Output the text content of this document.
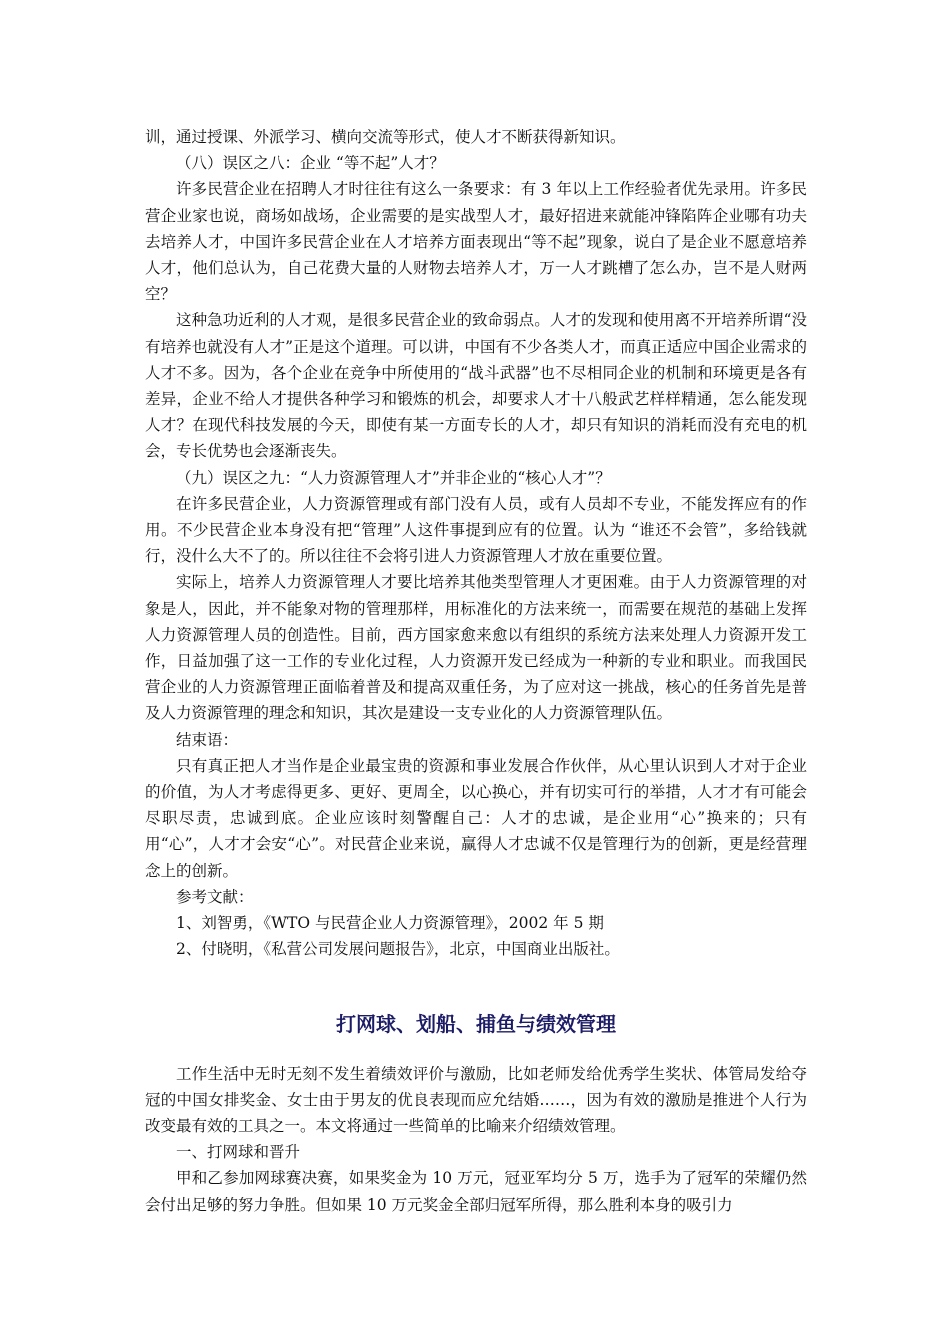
训，通过授课、外派学习、横向交流等形式，使人才不断获得新知识。

（八）误区之八：企业 “等不起”人才？

许多民营企业在招聘人才时往往有这么一条要求：有 3 年以上工作经验者优先录用。许多民营企业家也说，商场如战场，企业需要的是实战型人才，最好招进来就能冲锋陷阵企业哪有功夫去培养人才，中国许多民营企业在人才培养方面表现出“等不起”现象，说白了是企业不愿意培养人才，他们总认为，自己花费大量的人财物去培养人才，万一人才跳槽了怎么办，岂不是人财两空？

这种急功近利的人才观，是很多民营企业的致命弱点。人才的发现和使用离不开培养所谓“没有培养也就没有人才”正是这个道理。可以讲，中国有不少各类人才，而真正适应中国企业需求的人才不多。因为，各个企业在竞争中所使用的“战斗武器”也不尽相同企业的机制和环境更是各有差异，企业不给人才提供各种学习和锻炼的机会，却要求人才十八般武艺样样精通，怎么能发现人才？在现代科技发展的今天，即使有某一方面专长的人才，却只有知识的消耗而没有充电的机会，专长优势也会逐渐丧失。

（九）误区之九：“人力资源管理人才”并非企业的“核心人才”？

在许多民营企业，人力资源管理或有部门没有人员，或有人员却不专业，不能发挥应有的作用。不少民营企业本身没有把“管理”人这件事提到应有的位置。认为 “谁还不会管”，多给钱就行，没什么大不了的。所以往往不会将引进人力资源管理人才放在重要位置。

实际上，培养人力资源管理人才要比培养其他类型管理人才更困难。由于人力资源管理的对象是人，因此，并不能象对物的管理那样，用标准化的方法来统一，而需要在规范的基础上发挥人力资源管理人员的创造性。目前，西方国家愈来愈以有组织的系统方法来处理人力资源开发工作，日益加强了这一工作的专业化过程，人力资源开发已经成为一种新的专业和职业。而我国民营企业的人力资源管理正面临着普及和提高双重任务，为了应对这一挑战，核心的任务首先是普及人力资源管理的理念和知识，其次是建设一支专业化的人力资源管理队伍。

结束语：

只有真正把人才当作是企业最宝贵的资源和事业发展合作伙伴，从心里认识到人才对于企业的价值，为人才考虑得更多、更好、更周全，以心换心，并有切实可行的举措，人才才有可能会尽职尽责，忠诚到底。企业应该时刻警醒自己：人才的忠诚，是企业用“心”换来的；只有用“心”，人才才会安“心”。对民营企业来说，赢得人才忠诚不仅是管理行为的创新，更是经营理念上的创新。

参考文献：

1、刘智勇，《WTO 与民营企业人力资源管理》，2002 年 5 期

2、付晓明，《私营公司发展问题报告》，北京，中国商业出版社。

打网球、划船、捕鱼与绩效管理

工作生活中无时无刻不发生着绩效评价与激励，比如老师发给优秀学生奖状、体管局发给夺冠的中国女排奖金、女士由于男友的优良表现而应允结婚……，因为有效的激励是推进个人行为改变最有效的工具之一。本文将通过一些简单的比喻来介绍绩效管理。

一、打网球和晋升

甲和乙参加网球赛决赛，如果奖金为 10 万元，冠亚军均分 5 万，选手为了冠军的荣耀仍然会付出足够的努力争胜。但如果 10 万元奖金全部归冠军所得，那么胜利本身的吸引力
